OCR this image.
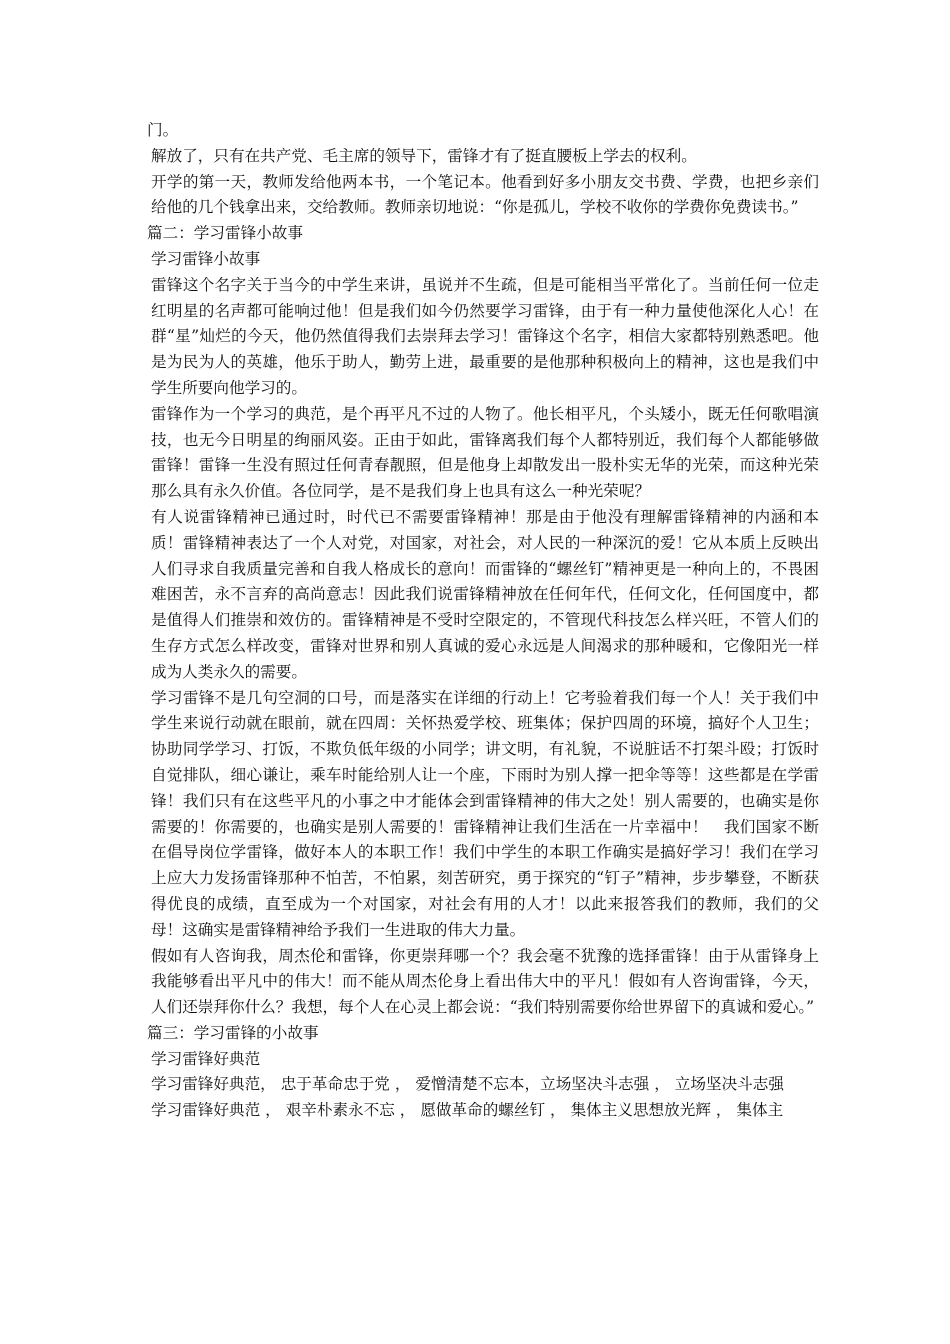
门。

解放了，只有在共产党、毛主席的领导下，雷锋才有了挺直腰板上学去的权利。

开学的第一天，教师发给他两本书，一个笔记本。他看到好多小朋友交书费、学费，也把乡亲们给他的几个钱拿出来，交给教师。教师亲切地说：“你是孤儿，学校不收你的学费你免费读书。”

篇二：学习雷锋小故事

学习雷锋小故事

雷锋这个名字关于当今的中学生来讲，虽说并不生疏，但是可能相当平常化了。当前任何一位走红明星的名声都可能响过他！但是我们如今仍然要学习雷锋，由于有一种力量使他深化人心！在群“星”灿烂的今天，他仍然值得我们去崇拜去学习！雷锋这个名字，相信大家都特别熟悉吧。他是为民为人的英雄，他乐于助人，勤劳上进，最重要的是他那种积极向上的精神，这也是我们中学生所要向他学习的。

雷锋作为一个学习的典范，是个再平凡不过的人物了。他长相平凡，个头矮小，既无任何歌唱演技，也无今日明星的绚丽风姿。正由于如此，雷锋离我们每个人都特别近，我们每个人都能够做雷锋！雷锋一生没有照过任何青春靓照，但是他身上却散发出一股朴实无华的光荣，而这种光荣那么具有永久价值。各位同学，是不是我们身上也具有这么一种光荣呢？

有人说雷锋精神已通过时，时代已不需要雷锋精神！那是由于他没有理解雷锋精神的内涵和本质！雷锋精神表达了一个人对党，对国家，对社会，对人民的一种深沉的爱！它从本质上反映出人们寻求自我质量完善和自我人格成长的意向！而雷锋的“螺丝钉”精神更是一种向上的，不畏困难困苦，永不言弃的高尚意志！因此我们说雷锋精神放在任何年代，任何文化，任何国度中，都是值得人们推崇和效仿的。雷锋精神是不受时空限定的，不管现代科技怎么样兴旺，不管人们的生存方式怎么样改变，雷锋对世界和别人真诚的爱心永远是人间渴求的那种暖和，它像阳光一样成为人类永久的需要。

学习雷锋不是几句空洞的口号，而是落实在详细的行动上！它考验着我们每一个人！关于我们中学生来说行动就在眼前，就在四周：关怀热爱学校、班集体；保护四周的环境，搞好个人卫生；协助同学学习、打饭，不欺负低年级的小同学；讲文明，有礼貌，不说脏话不打架斗殴；打饭时自觉排队，细心谦让，乘车时能给别人让一个座，下雨时为别人撑一把伞等等！这些都是在学雷锋！我们只有在这些平凡的小事之中才能体会到雷锋精神的伟大之处！别人需要的，也确实是你需要的！你需要的，也确实是别人需要的！雷锋精神让我们生活在一片幸福中！　我们国家不断在倡导岗位学雷锋，做好本人的本职工作！我们中学生的本职工作确实是搞好学习！我们在学习上应大力发扬雷锋那种不怕苦，不怕累，刻苦研究，勇于探究的“钉子”精神，步步攀登，不断获得优良的成绩，直至成为一个对国家，对社会有用的人才！以此来报答我们的教师，我们的父母！这确实是雷锋精神给予我们一生进取的伟大力量。

假如有人咨询我，周杰伦和雷锋，你更崇拜哪一个？我会毫不犹豫的选择雷锋！由于从雷锋身上我能够看出平凡中的伟大！而不能从周杰伦身上看出伟大中的平凡！假如有人咨询雷锋，今天，人们还崇拜你什么？我想，每个人在心灵上都会说：“我们特别需要你给世界留下的真诚和爱心。”

篇三：学习雷锋的小故事

学习雷锋好典范

学习雷锋好典范， 忠于革命忠于党 ， 爱憎清楚不忘本，立场坚决斗志强 ， 立场坚决斗志强

学习雷锋好典范 ， 艰辛朴素永不忘 ， 愿做革命的螺丝钉 ， 集体主义思想放光辉 ， 集体主
